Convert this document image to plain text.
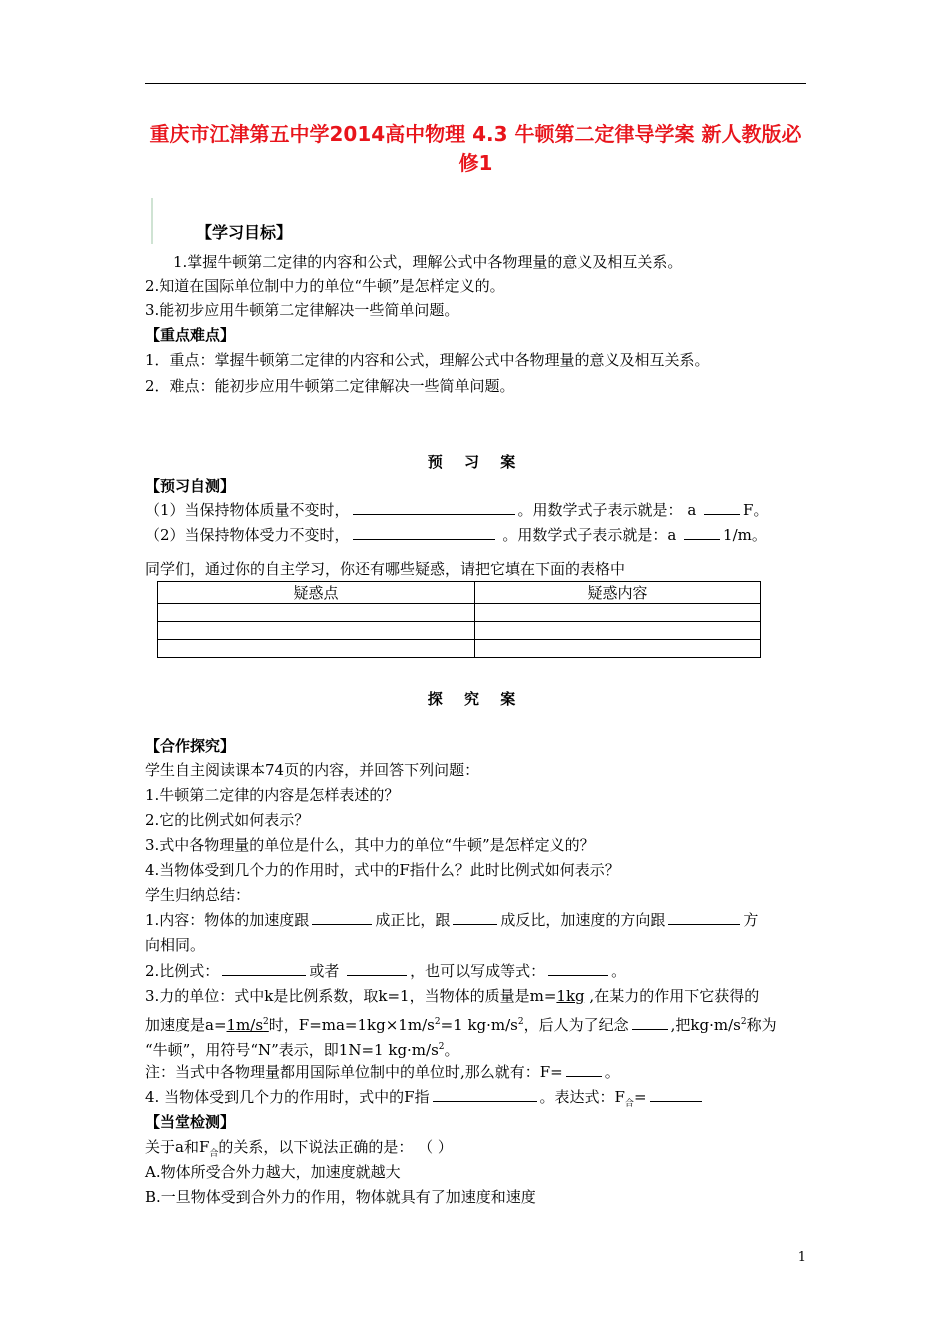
重庆市江津第五中学2014高中物理 4.3 牛顿第二定律导学案 新人教版必修1
【学习目标】
1.掌握牛顿第二定律的内容和公式，理解公式中各物理量的意义及相互关系。
2.知道在国际单位制中力的单位“牛顿”是怎样定义的。
3.能初步应用牛顿第二定律解决一些简单问题。
【重点难点】
1．重点：掌握牛顿第二定律的内容和公式，理解公式中各物理量的意义及相互关系。
2．难点：能初步应用牛顿第二定律解决一些简单问题。
预 习 案
【预习自测】
（1）当保持物体质量不变时，	。用数学式子表示就是： a	F。
（2）当保持物体受力不变时，	。用数学式子表示就是：a	1/m。
同学们，通过你的自主学习，你还有哪些疑惑，请把它填在下面的表格中
疑惑点	疑惑内容

探 究 案
【合作探究】
学生自主阅读课本74页的内容，并回答下列问题：
1.牛顿第二定律的内容是怎样表述的？
2.它的比例式如何表示？
3.式中各物理量的单位是什么，其中力的单位“牛顿”是怎样定义的？
4.当物体受到几个力的作用时，式中的F指什么？此时比例式如何表示？
学生归纳总结：
1.内容：物体的加速度跟	成正比，跟	成反比，加速度的方向跟	方
向相同。
2.比例式：	或者	，也可以写成等式：	。
3.力的单位：式中k是比例系数，取k=1，当物体的质量是m=1kg ,在某力的作用下它获得的
加速度是$a=1m/s^2$时，$F=ma=1kg\times 1m/s^2=1$ $kg\cdot m/s^2$，后人为了纪念	,把$kg\cdot m/s^2$称为
“牛顿”，用符号“N”表示，即1N=1 $kg\cdot m/s^2$。
注：当式中各物理量都用国际单位制中的单位时,那么就有：F=	。
4. 当物体受到几个力的作用时，式中的F指	。表达式：$F_合=$
【当堂检测】
关于a和$F_合$的关系，以下说法正确的是： （ ）
A.物体所受合外力越大，加速度就越大
B.一旦物体受到合外力的作用，物体就具有了加速度和速度
1
